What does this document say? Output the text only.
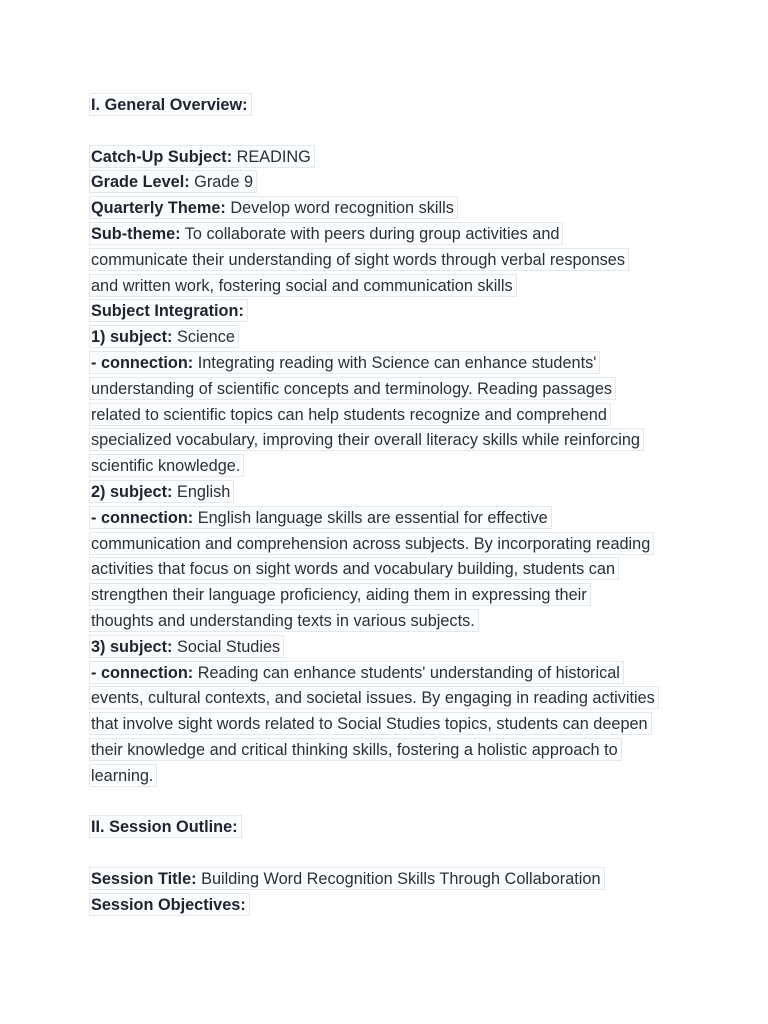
I. General Overview:
Catch-Up Subject: READING
Grade Level: Grade 9
Quarterly Theme: Develop word recognition skills
Sub-theme: To collaborate with peers during group activities and
communicate their understanding of sight words through verbal responses
and written work, fostering social and communication skills
Subject Integration:
1) subject: Science
- connection: Integrating reading with Science can enhance students'
understanding of scientific concepts and terminology. Reading passages
related to scientific topics can help students recognize and comprehend
specialized vocabulary, improving their overall literacy skills while reinforcing
scientific knowledge.
2) subject: English
- connection: English language skills are essential for effective
communication and comprehension across subjects. By incorporating reading
activities that focus on sight words and vocabulary building, students can
strengthen their language proficiency, aiding them in expressing their
thoughts and understanding texts in various subjects.
3) subject: Social Studies
- connection: Reading can enhance students' understanding of historical
events, cultural contexts, and societal issues. By engaging in reading activities
that involve sight words related to Social Studies topics, students can deepen
their knowledge and critical thinking skills, fostering a holistic approach to
learning.
II. Session Outline:
Session Title: Building Word Recognition Skills Through Collaboration
Session Objectives:
